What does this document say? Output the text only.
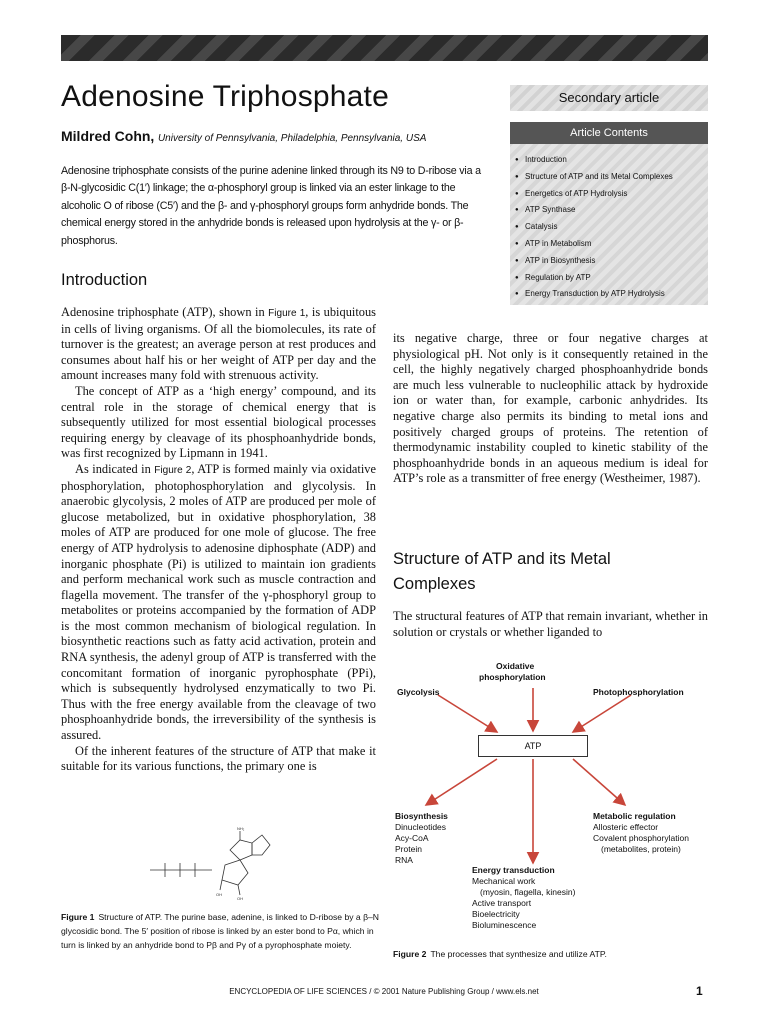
Adenosine Triphosphate
Mildred Cohn, University of Pennsylvania, Philadelphia, Pennsylvania, USA

Adenosine triphosphate consists of the purine adenine linked through its N9 to D-ribose via a β-N-glycosidic C(1′) linkage; the α-phosphoryl group is linked via an ester linkage to the alcoholic O of ribose (C5′) and the β- and γ-phosphoryl groups form anhydride bonds. The chemical energy stored in the anhydride bonds is released upon hydrolysis at the γ- or β-phosphorus.

Secondary article
Article Contents
● Introduction
● Structure of ATP and its Metal Complexes
● Energetics of ATP Hydrolysis
● ATP Synthase
● Catalysis
● ATP in Metabolism
● ATP in Biosynthesis
● Regulation by ATP
● Energy Transduction by ATP Hydrolysis
Introduction

Adenosine triphosphate (ATP), shown in Figure 1, is ubiquitous in cells of living organisms. Of all the biomolecules, its rate of turnover is the greatest; an average person at rest produces and consumes about half his or her weight of ATP per day and the amount increases many fold with strenuous activity.

The concept of ATP as a ‘high energy’ compound, and its central role in the storage of chemical energy that is subsequently utilized for most essential biological processes requiring energy by cleavage of its phosphoanhydride bonds, was first recognized by Lipmann in 1941.

As indicated in Figure 2, ATP is formed mainly via oxidative phosphorylation, photophosphorylation and glycolysis. In anaerobic glycolysis, 2 moles of ATP are produced per mole of glucose metabolized, but in oxidative phosphorylation, 38 moles of ATP are produced for one mole of glucose. The free energy of ATP hydrolysis to adenosine diphosphate (ADP) and inorganic phosphate (Pi) is utilized to maintain ion gradients and perform mechanical work such as muscle contraction and flagella movement. The transfer of the γ-phosphoryl group to metabolites or proteins accompanied by the formation of ADP is the most common mechanism of biological regulation. In biosynthetic reactions such as fatty acid activation, protein and RNA synthesis, the adenyl group of ATP is transferred with the concomitant formation of inorganic pyrophosphate (PPi), which is subsequently hydrolysed enzymatically to two Pi. Thus with the free energy available from the cleavage of two phosphoanhydride bonds, the irreversibility of the synthesis is assured.

Of the inherent features of the structure of ATP that make it suitable for its various functions, the primary one is

its negative charge, three or four negative charges at physiological pH. Not only is it consequently retained in the cell, the highly negatively charged phosphoanhydride bonds are much less vulnerable to nucleophilic attack by hydroxide ion or water than, for example, carbonic anhydrides. Its negative charge also permits its binding to metal ions and positively charged groups of proteins. The retention of thermodynamic instability coupled to kinetic stability of the phosphoanhydride bonds in an aqueous medium is ideal for ATP’s role as a transmitter of free energy (Westheimer, 1987).

Structure of ATP and its Metal Complexes

The structural features of ATP that remain invariant, whether in solution or crystals or whether liganded to

NH₂
OH
OH
Figure 1 Structure of ATP. The purine base, adenine, is linked to D-ribose by a β–N glycosidic bond. The 5′ position of ribose is linked by an ester bond to Pα, which in turn is linked by an anhydride bond to Pβ and Pγ of a pyrophosphate moiety.
Oxidative
phosphorylation
Glycolysis	Photophosphorylation
ATP
Biosynthesis
Dinucleotides
Acy-CoA
Protein
RNA
Metabolic regulation
Allosteric effector
Covalent phosphorylation
(metabolites, protein)
Energy transduction
Mechanical work
(myosin, flagella, kinesin)
Active transport
Bioelectricity
Bioluminescence
Figure 2 The processes that synthesize and utilize ATP.
ENCYCLOPEDIA OF LIFE SCIENCES / © 2001 Nature Publishing Group / www.els.net	1
